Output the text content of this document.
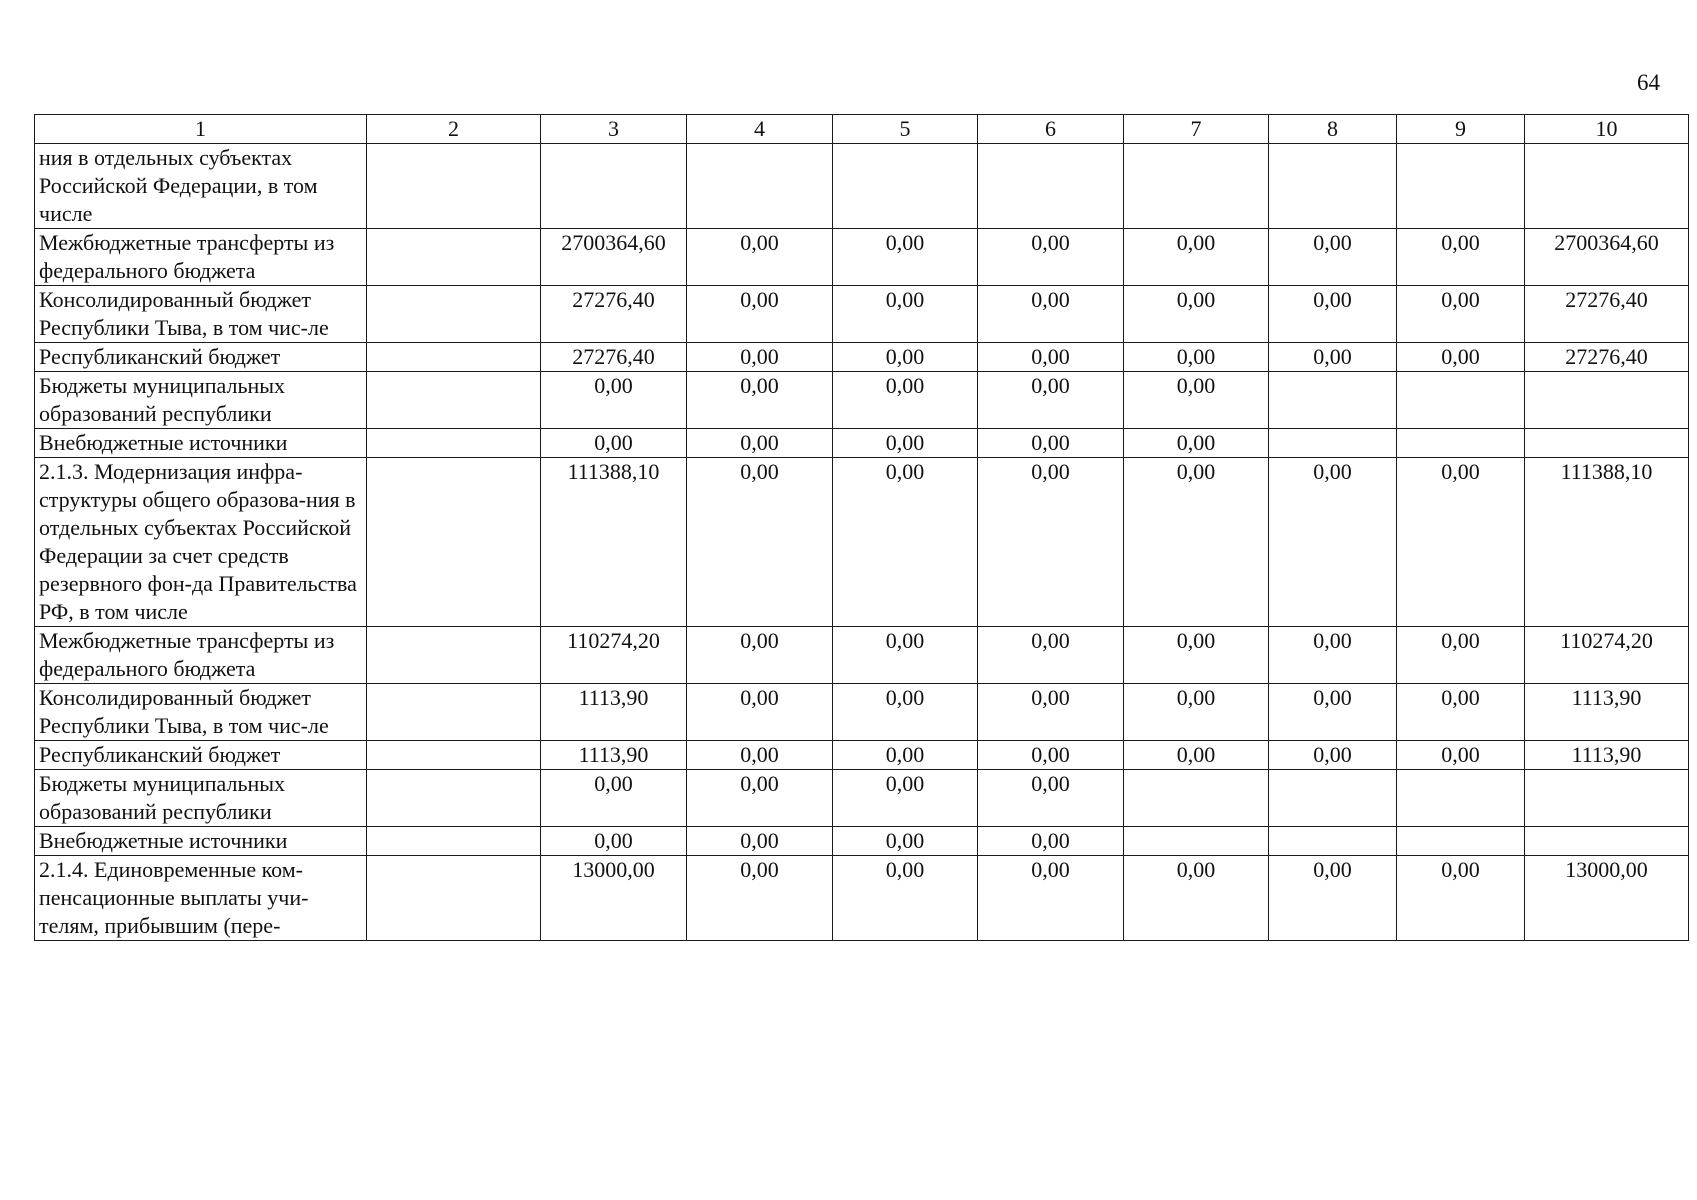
64
1	2	3	4	5	6	7	8	9	10
ния в отдельных субъектах Российской Федерации, в том числе									
Межбюджетные трансферты из федерального бюджета		2700364,60	0,00	0,00	0,00	0,00	0,00	0,00	2700364,60
Консолидированный бюджет Республики Тыва, в том чис-ле		27276,40	0,00	0,00	0,00	0,00	0,00	0,00	27276,40
Республиканский бюджет		27276,40	0,00	0,00	0,00	0,00	0,00	0,00	27276,40
Бюджеты муниципальных образований республики		0,00	0,00	0,00	0,00	0,00			
Внебюджетные источники		0,00	0,00	0,00	0,00	0,00			
2.1.3. Модернизация инфра-структуры общего образова-ния в отдельных субъектах Российской Федерации за счет средств резервного фон-да Правительства РФ, в том числе		111388,10	0,00	0,00	0,00	0,00	0,00	0,00	111388,10
Межбюджетные трансферты из федерального бюджета		110274,20	0,00	0,00	0,00	0,00	0,00	0,00	110274,20
Консолидированный бюджет Республики Тыва, в том чис-ле		1113,90	0,00	0,00	0,00	0,00	0,00	0,00	1113,90
Республиканский бюджет		1113,90	0,00	0,00	0,00	0,00	0,00	0,00	1113,90
Бюджеты муниципальных образований республики		0,00	0,00	0,00	0,00				
Внебюджетные источники		0,00	0,00	0,00	0,00				
2.1.4. Единовременные ком-пенсационные выплаты учи-телям, прибывшим (пере-		13000,00	0,00	0,00	0,00	0,00	0,00	0,00	13000,00
